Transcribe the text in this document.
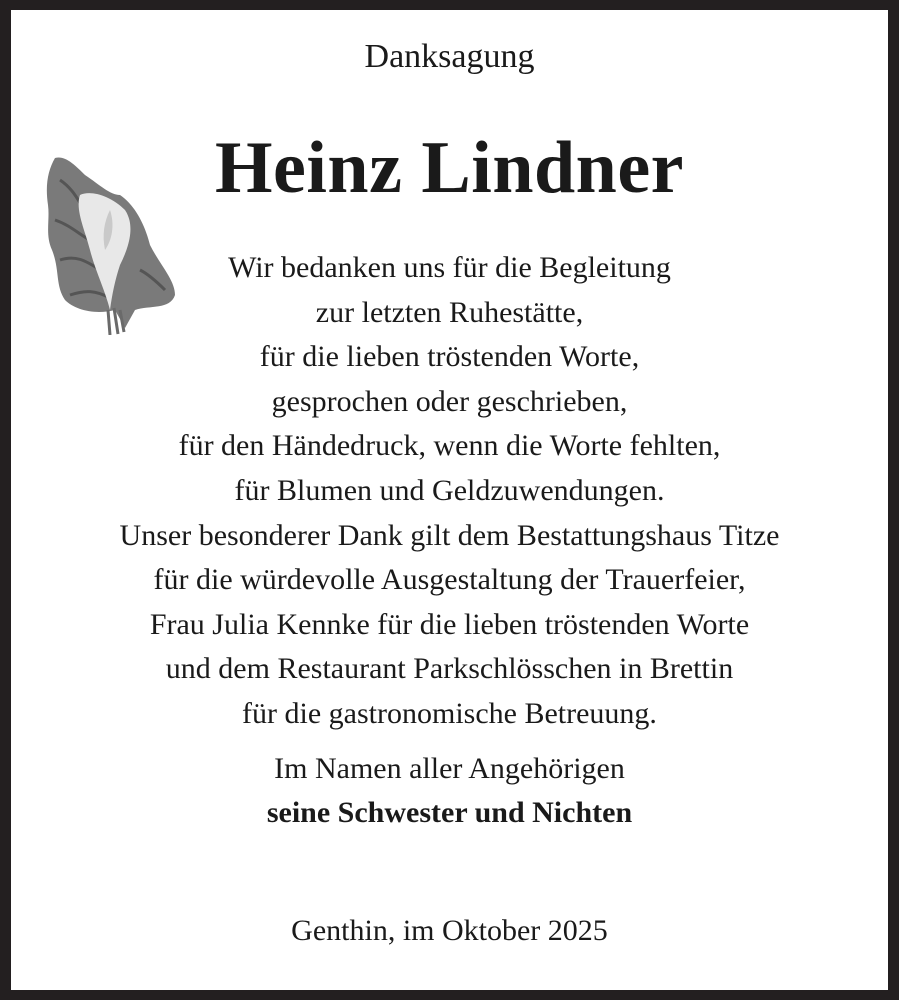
Danksagung
Heinz Lindner
Wir bedanken uns für die Begleitung
zur letzten Ruhestätte,
für die lieben tröstenden Worte,
gesprochen oder geschrieben,
für den Händedruck, wenn die Worte fehlten,
für Blumen und Geldzuwendungen.
Unser besonderer Dank gilt dem Bestattungshaus Titze
für die würdevolle Ausgestaltung der Trauerfeier,
Frau Julia Kennke für die lieben tröstenden Worte
und dem Restaurant Parkschlösschen in Brettin
für die gastronomische Betreuung.
Im Namen aller Angehörigen
seine Schwester und Nichten
Genthin, im Oktober 2025
